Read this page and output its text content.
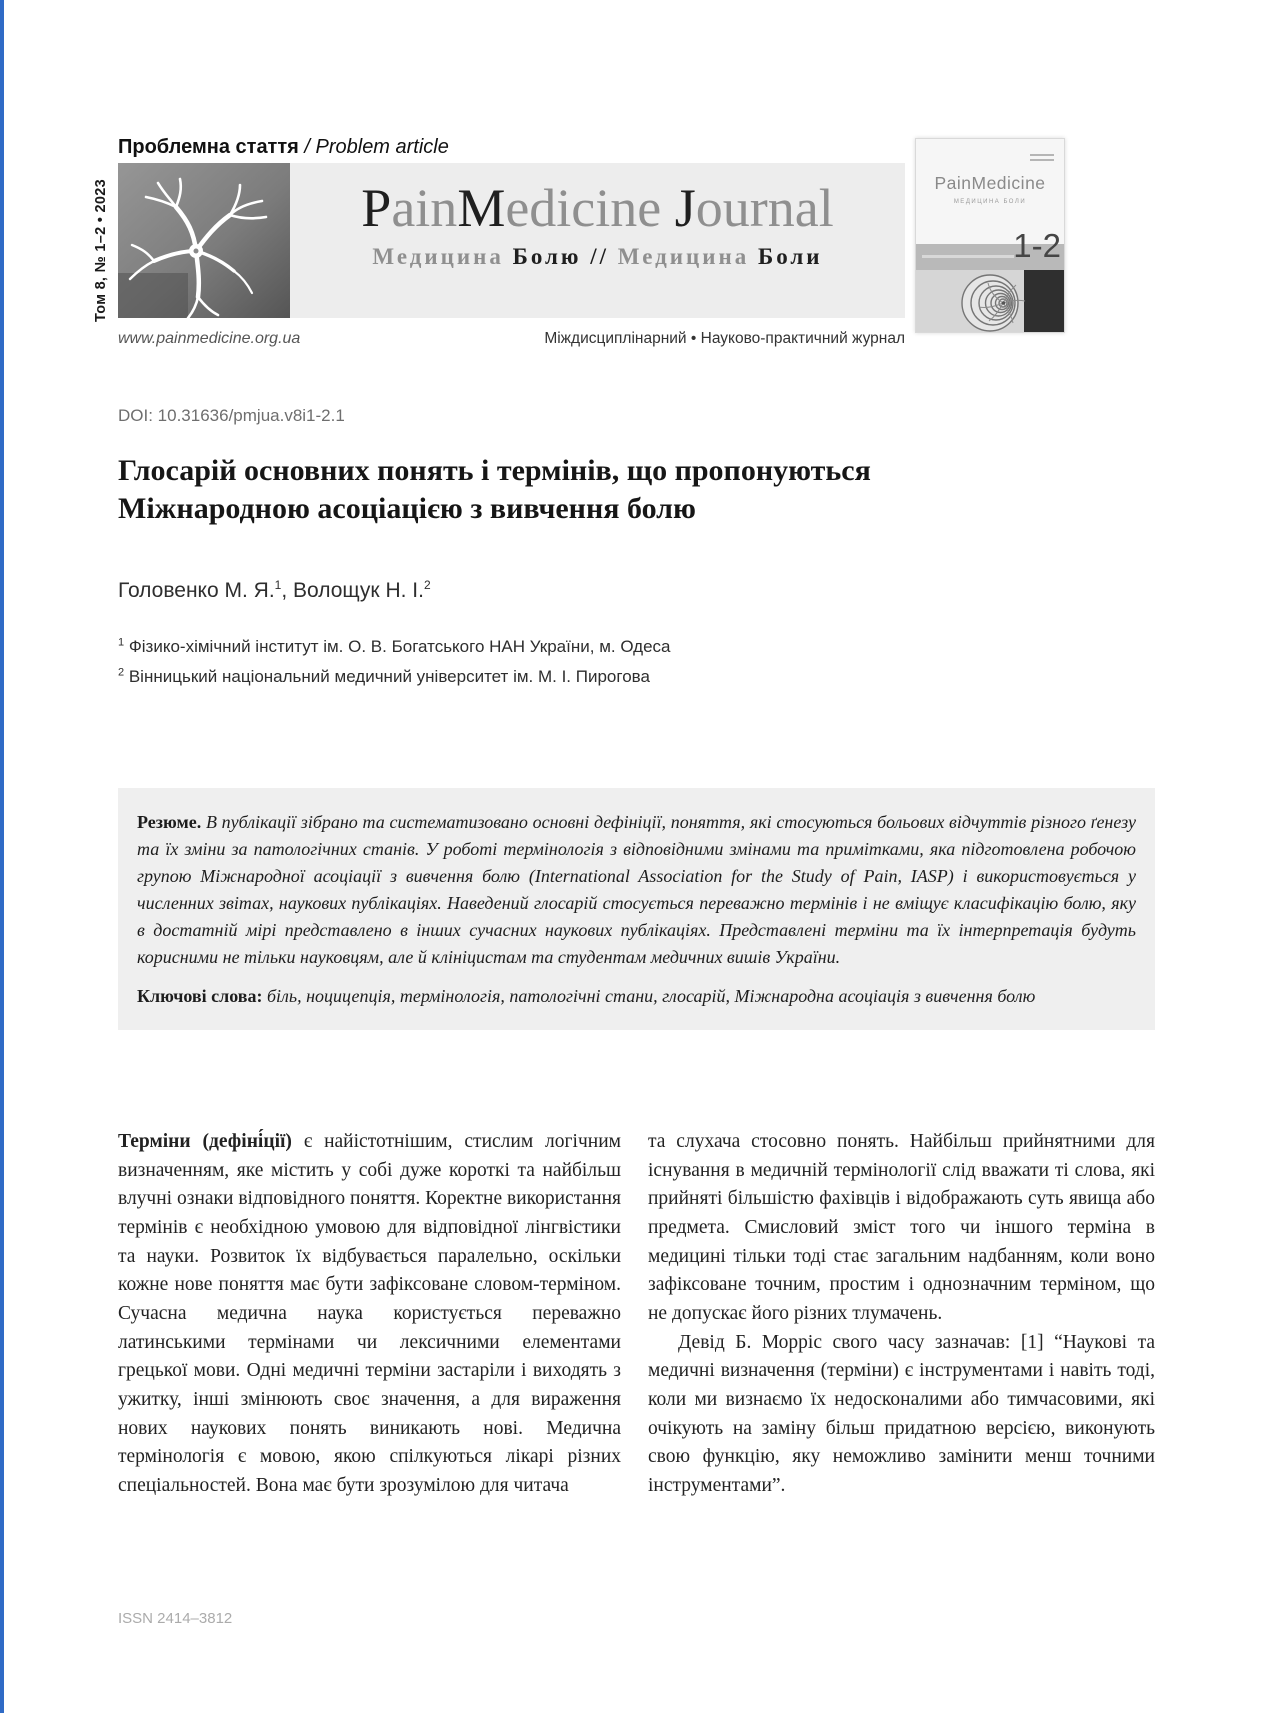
Проблемна стаття / Problem article
Том 8, № 1–2 • 2023	PainMedicine Journal
Медицина Болю // Медицина Боли
www.painmedicine.org.ua	Міждисциплінарний • Науково-практичний журнал
PainMedicine
МЕДИЦИНА БОЛИ
1-2
DOI: 10.31636/pmjua.v8i1-2.1
Глосарій основних понять і термінів, що пропонуються
Міжнародною асоціацією з вивчення болю
Головенко М. Я.$^1$, Волощук Н. І.$^2$
$^1$ Фізико-хімічний інститут ім. О. В. Богатського НАН України, м. Одеса
$^2$ Вінницький національний медичний університет ім. М. І. Пирогова

Резюме. В публікації зібрано та систематизовано основні дефініції, поняття, які стосуються больових відчуттів різного ґенезу та їх зміни за патологічних станів. У роботі термінологія з відповідними змінами та примітками, яка підготовлена робочою групою Міжнародної асоціації з вивчення болю (International Association for the Study of Pain, IASP) і використовується у численних звітах, наукових публікаціях. Наведений глосарій стосується переважно термінів і не вміщує класифікацію болю, яку в достатній мірі представлено в інших сучасних наукових публікаціях. Представлені терміни та їх інтерпретація будуть корисними не тільки науковцям, але й клініцистам та студентам медичних вишів України.

Ключові слова: біль, ноцицепція, термінологія, патологічні стани, глосарій, Міжнародна асоціація з вивчення болю

Терміни (дефіні́ції) є найістотнішим, стислим логічним визначенням, яке містить у собі дуже короткі та найбільш влучні ознаки відповідного поняття. Коректне використання термінів є необхідною умовою для відповідної лінгвістики та науки. Розвиток їх відбувається паралельно, оскільки кожне нове поняття має бути зафіксоване словом-терміном. Сучасна медична наука користується переважно латинськими термінами чи лексичними елементами грецької мови. Одні медичні терміни застаріли і виходять з ужитку, інші змінюють своє значення, а для вираження нових наукових понять виникають нові. Медична термінологія є мовою, якою спілкуються лікарі різних спеціальностей. Вона має бути зрозумілою для читача

та слухача стосовно понять. Найбільш прийнятними для існування в медичній термінології слід вважати ті слова, які прийняті більшістю фахівців і відображають суть явища або предмета. Смисловий зміст того чи іншого терміна в медицині тільки тоді стає загальним надбанням, коли воно зафіксоване точним, простим і однозначним терміном, що не допускає його різних тлумачень.

Девід Б. Морріс свого часу зазначав: [1] “Наукові та медичні визначення (терміни) є інструментами і навіть тоді, коли ми визнаємо їх недосконалими або тимчасовими, які очікують на заміну більш придатною версією, виконують свою функцію, яку неможливо замінити менш точними інструментами”.

ISSN 2414–3812
